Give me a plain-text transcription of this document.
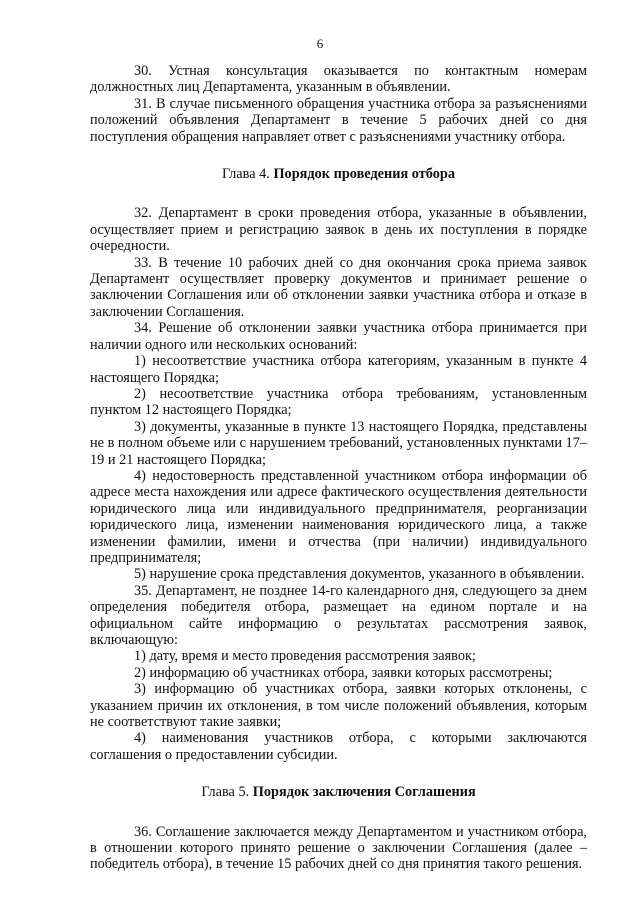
6

30. Устная консультация оказывается по контактным номерам должностных лиц Департамента, указанным в объявлении.

31. В случае письменного обращения участника отбора за разъяснениями положений объявления Департамент в течение 5 рабочих дней со дня поступления обращения направляет ответ с разъяснениями участнику отбора.

Глава 4. Порядок проведения отбора

32. Департамент в сроки проведения отбора, указанные в объявлении, осуществляет прием и регистрацию заявок в день их поступления в порядке очередности.

33. В течение 10 рабочих дней со дня окончания срока приема заявок Департамент осуществляет проверку документов и принимает решение о заключении Соглашения или об отклонении заявки участника отбора и отказе в заключении Соглашения.

34. Решение об отклонении заявки участника отбора принимается при наличии одного или нескольких оснований:

1) несоответствие участника отбора категориям, указанным в пункте 4 настоящего Порядка;

2) несоответствие участника отбора требованиям, установленным пунктом 12 настоящего Порядка;

3) документы, указанные в пункте 13 настоящего Порядка, представлены не в полном объеме или с нарушением требований, установленных пунктами 17–19 и 21 настоящего Порядка;

4) недостоверность представленной участником отбора информации об адресе места нахождения или адресе фактического осуществления деятельности юридического лица или индивидуального предпринимателя, реорганизации юридического лица, изменении наименования юридического лица, а также изменении фамилии, имени и отчества (при наличии) индивидуального предпринимателя;

5) нарушение срока представления документов, указанного в объявлении.

35. Департамент, не позднее 14-го календарного дня, следующего за днем определения победителя отбора, размещает на едином портале и на официальном сайте информацию о результатах рассмотрения заявок, включающую:

1) дату, время и место проведения рассмотрения заявок;

2) информацию об участниках отбора, заявки которых рассмотрены;

3) информацию об участниках отбора, заявки которых отклонены, с указанием причин их отклонения, в том числе положений объявления, которым не соответствуют такие заявки;

4) наименования участников отбора, с которыми заключаются соглашения о предоставлении субсидии.

Глава 5. Порядок заключения Соглашения

36. Соглашение заключается между Департаментом и участником отбора, в отношении которого принято решение о заключении Соглашения (далее – победитель отбора), в течение 15 рабочих дней со дня принятия такого решения.
